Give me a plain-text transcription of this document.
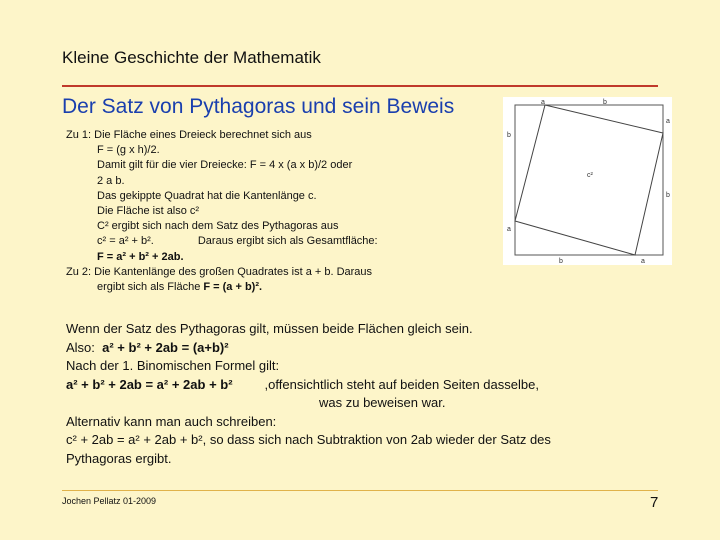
Kleine Geschichte der Mathematik
Der Satz von Pythagoras und sein Beweis	a	b
b
a
a
b
b	a
c²
Zu 1: Die Fläche eines Dreieck berechnet sich aus
F = (g x h)/2.
Damit gilt für die vier Dreiecke: F = 4 x (a x b)/2 oder
2 a b.
Das gekippte Quadrat hat die Kantenlänge c.
Die Fläche ist also c²
C² ergibt sich nach dem Satz des Pythagoras aus
c² = a² + b².	Daraus ergibt sich als Gesamtfläche:
F = a² + b² + 2ab.
Zu 2: Die Kantenlänge des großen Quadrates ist a + b. Daraus
ergibt sich als Fläche F = (a + b)².
Wenn der Satz des Pythagoras gilt, müssen beide Flächen gleich sein.
Also: a² + b² + 2ab = (a+b)²
Nach der 1. Binomischen Formel gilt:
a² + b² + 2ab = a² + 2ab + b² ,offensichtlich steht auf beiden Seiten dasselbe,
was zu beweisen war.
Alternativ kann man auch schreiben:
c² + 2ab = a² + 2ab + b², so dass sich nach Subtraktion von 2ab wieder der Satz des
Pythagoras ergibt.
Jochen Pellatz 01-2009	7
